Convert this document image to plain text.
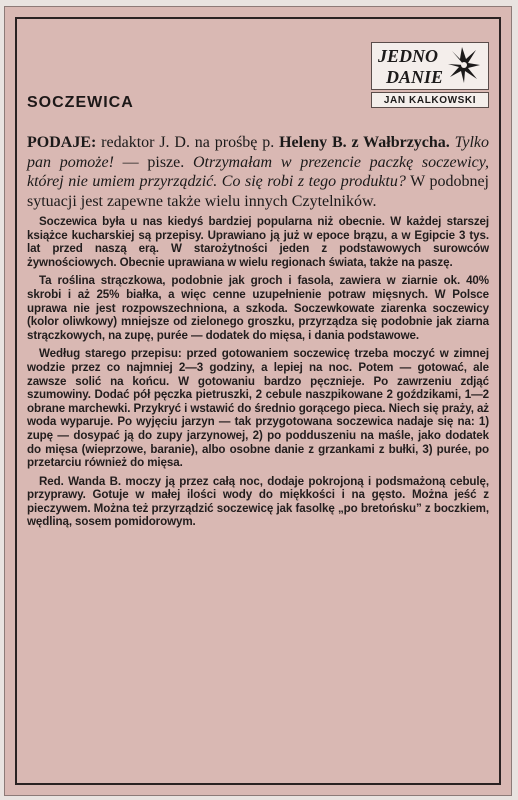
SOCZEWICA
JEDNO
DANIE
JAN KALKOWSKI

PODAJE: redaktor J. D. na prośbę p. Heleny B. z Wałbrzycha. Tylko pan pomoże! — pisze. Otrzymałam w prezencie paczkę soczewicy, której nie umiem przyrządzić. Co się robi z tego produktu? W podobnej sytuacji jest zapewne także wielu innych Czytelników.

Soczewica była u nas kiedyś bardziej popularna niż obecnie. W każdej starszej książce kucharskiej są przepisy. Uprawiano ją już w epoce brązu, a w Egipcie 3 tys. lat przed naszą erą. W starożytności jeden z podstawowych surowców żywnościowych. Obecnie uprawiana w wielu regionach świata, także na paszę.

Ta roślina strączkowa, podobnie jak groch i fasola, zawiera w ziarnie ok. 40% skrobi i aż 25% białka, a więc cenne uzupełnienie potraw mięsnych. W Polsce uprawa nie jest rozpowszechniona, a szkoda. Soczewkowate ziarenka soczewicy (kolor oliwkowy) mniejsze od zielonego groszku, przyrządza się podobnie jak ziarna strączkowych, na zupę, purée — dodatek do mięsa, i dania podstawowe.

Według starego przepisu: przed gotowaniem soczewicę trzeba moczyć w zimnej wodzie przez co najmniej 2—3 godziny, a lepiej na noc. Potem — gotować, ale zawsze solić na końcu. W gotowaniu bardzo pęcznieje. Po zawrzeniu zdjąć szumowiny. Dodać pół pęczka pietruszki, 2 cebule naszpikowane 2 goździkami, 1—2 obrane marchewki. Przykryć i wstawić do średnio gorącego pieca. Niech się praży, aż woda wyparuje. Po wyjęciu jarzyn — tak przygotowana soczewica nadaje się na: 1) zupę — dosypać ją do zupy jarzynowej, 2) po podduszeniu na maśle, jako dodatek do mięsa (wieprzowe, baranie), albo osobne danie z grzankami z bułki, 3) purée, po przetarciu również do mięsa.

Red. Wanda B. moczy ją przez całą noc, dodaje pokrojoną i podsmażoną cebulę, przyprawy. Gotuje w małej ilości wody do miękkości i na gęsto. Można jeść z pieczywem. Można też przyrządzić soczewicę jak fasolkę „po bretońsku” z boczkiem, wędliną, sosem pomidorowym.
